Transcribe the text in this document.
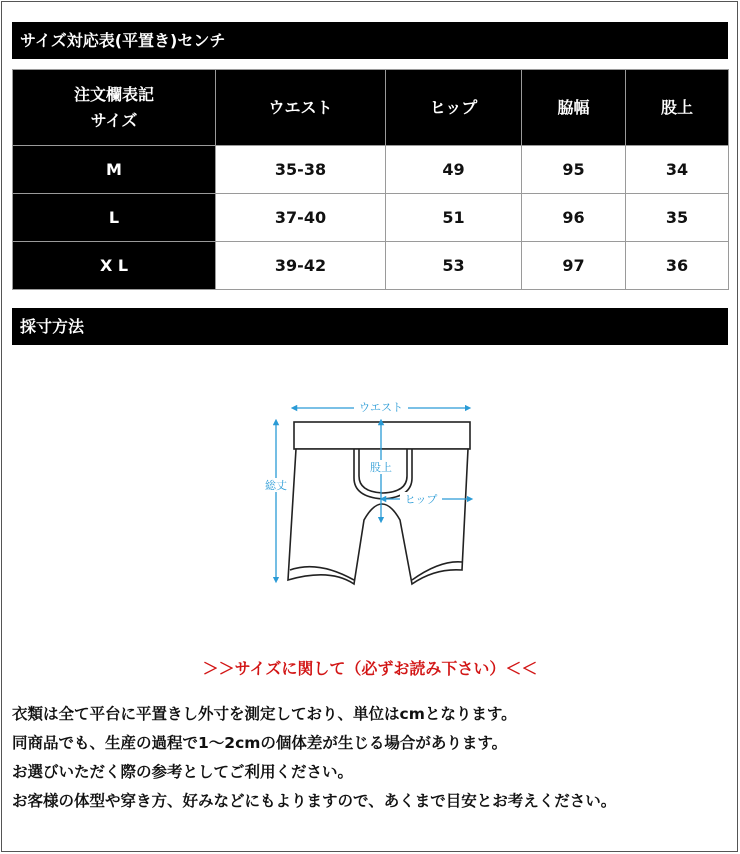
サイズ対応表(平置き)センチ
注文欄表記
サイズ	ウエスト	ヒップ	脇幅	股上
M	35-38	49	95	34
L	37-40	51	96	35
X L	39-42	53	97	36
採寸方法
ウエスト
股上
ヒップ
総丈
＞＞サイズに関して（必ずお読み下さい）＜＜

衣類は全て平台に平置きし外寸を測定しており、単位はcmとなります。

同商品でも、生産の過程で1～2cmの個体差が生じる場合があります。

お選びいただく際の参考としてご利用ください。

お客様の体型や穿き方、好みなどにもよりますので、あくまで目安とお考えください。
